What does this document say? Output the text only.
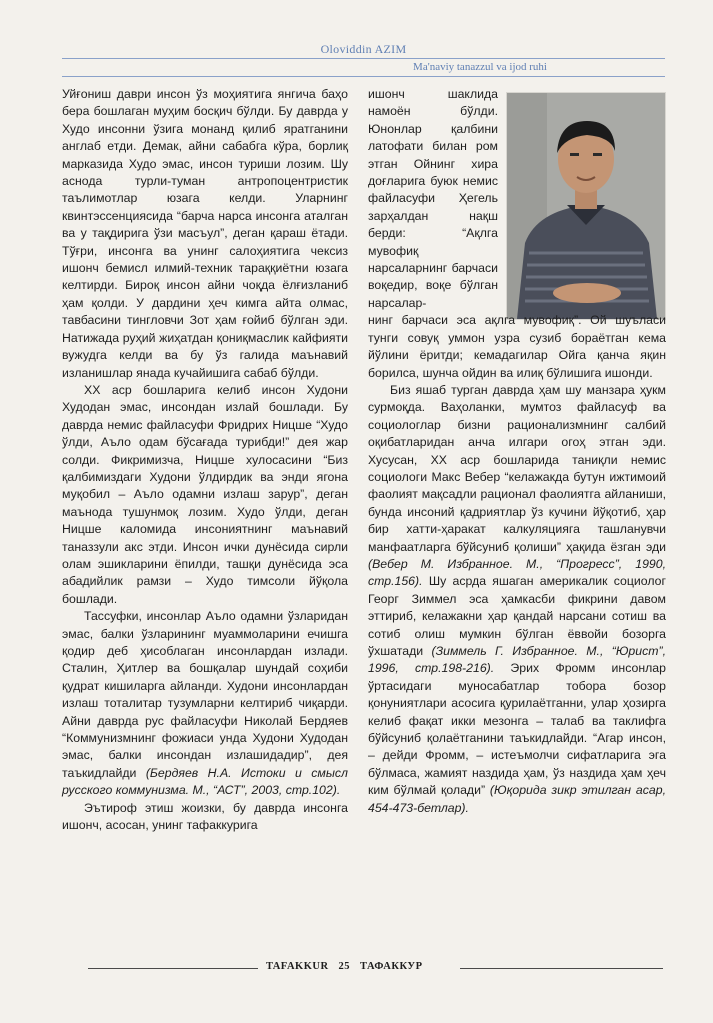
Oloviddin AZIM
Ma'naviy tanazzul va ijod ruhi

Уйғониш даври инсон ўз моҳиятига янгича баҳо бера бошлаган муҳим босқич бўлди. Бу даврда у Худо инсонни ўзига монанд қилиб яратганини англаб етди. Демак, айни сабабга кўра, борлиқ марказида Худо эмас, инсон туриши лозим. Шу аснода турли-туман антропоцентристик таълимотлар юзага келди. Уларнинг квинтэссенциясида “барча нарса инсонга аталган ва у тақдирига ўзи масъул”, деган қараш ётади. Тўғри, инсонга ва унинг салоҳиятига чексиз ишонч бемисл илмий-техник тараққиётни юзага келтирди. Бироқ инсон айни чоқда ёлғизланиб ҳам қолди. У дардини ҳеч кимга айта олмас, тавбасини тингловчи Зот ҳам ғойиб бўлган эди. Натижада руҳий жиҳатдан қониқмаслик кайфияти вужудга келди ва бу ўз галида маънавий изланишлар янада кучайишига сабаб бўлди.

XX аср бошларига келиб инсон Худони Худодан эмас, инсондан излай бошлади. Бу даврда немис файласуфи Фридрих Ницше “Худо ўлди, Аъло одам бўсағада турибди!” дея жар солди. Фикримизча, Ницше хулосасини “Биз қалбимиздаги Худони ўлдирдик ва энди ягона муқобил – Аъло одамни излаш зарур”, деган маънода тушунмоқ лозим. Худо ўлди, деган Ницше каломида инсониятнинг маънавий таназзули акс этди. Инсон ички дунёсида сирли олам эшикларини ёпилди, ташқи дунёсида эса абадийлик рамзи – Худо тимсоли йўқола бошлади.

Тассуфки, инсонлар Аъло одамни ўзларидан эмас, балки ўзларининг муаммоларини ечишга қодир деб ҳисоблаган инсонлардан излади. Сталин, Ҳитлер ва бошқалар шундай соҳиби қудрат кишиларга айланди. Худони инсонлардан излаш тоталитар тузумларни келтириб чиқарди. Айни даврда рус файласуфи Николай Бердяев “Коммунизмнинг фожиаси унда Худони Худодан эмас, балки инсондан излашидадир”, дея таъкидлайди (Бердяев Н.А. Истоки и смысл русского коммунизма. М., “АСТ”, 2003, стр.102).

Эътироф этиш жоизки, бу даврда инсонга ишонч, асосан, унинг тафаккурига

ишонч шаклида намоён бўлди. Юнонлар қалбини латофати билан ром этган Ойнинг хира доғларига буюк немис файласуфи Ҳегель зарҳалдан нақш берди: “Ақлга мувофиқ нарсаларнинг барчаси воқедир, воқе бўлган нарсалар-

нинг барчаси эса ақлга мувофиқ”. Ой шуъласи тунги совуқ уммон узра сузиб бораётган кема йўлини ёритди; кемадагилар Ойга қанча яқин борилса, шунча ойдин ва илиқ бўлишига ишонди.

Биз яшаб турган даврда ҳам шу манзара ҳукм сурмоқда. Ваҳоланки, мумтоз файласуф ва социологлар бизни рационализмнинг салбий оқибатларидан анча илгари огоҳ этган эди. Хусусан, XX аср бошларида таниқли немис социологи Макс Вебер “келажакда бутун ижтимоий фаолият мақсадли рационал фаолиятга айланиши, бунда инсоний қадриятлар ўз кучини йўқотиб, ҳар бир хатти-ҳаракат калкуляцияга ташланувчи манфаатларга бўйсуниб қолиши” ҳақида ёзган эди (Вебер М. Избранное. М., “Прогресс”, 1990, стр.156). Шу асрда яшаган америкалик социолог Георг Зиммел эса ҳамкасби фикрини давом эттириб, келажакни ҳар қандай нарсани сотиш ва сотиб олиш мумкин бўлган ёввойи бозорга ўхшатади (Зиммель Г. Избранное. М., “Юрист”, 1996, стр.198-216). Эрих Фромм инсонлар ўртасидаги муносабатлар тобора бозор қонуниятлари асосига қурилаётганни, улар ҳозирга келиб фақат икки мезонга – талаб ва таклифга бўйсуниб қолаётганини таъкидлайди. “Агар инсон, – дейди Фромм, – истеъмолчи сифатларига эга бўлмаса, жамият наздида ҳам, ўз наздида ҳам ҳеч ким бўлмай қолади” (Юқорида зикр этилган асар, 454-473-бетлар).

TAFAKKUR 25 ТАФАККУР
